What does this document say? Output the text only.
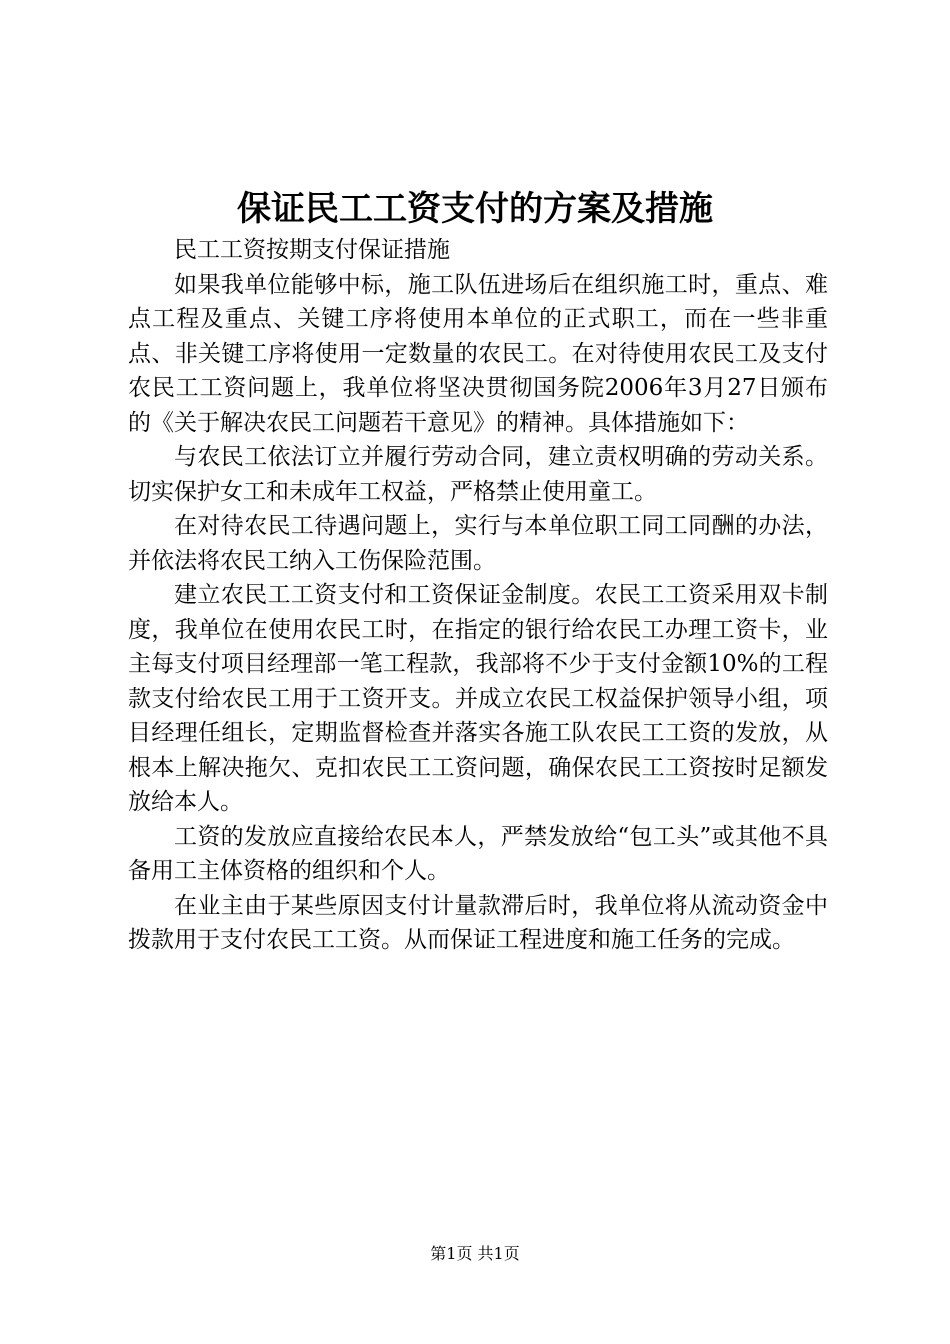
保证民工工资支付的方案及措施

民工工资按期支付保证措施

如果我单位能够中标，施工队伍进场后在组织施工时，重点、难点工程及重点、关键工序将使用本单位的正式职工，而在一些非重点、非关键工序将使用一定数量的农民工。在对待使用农民工及支付农民工工资问题上，我单位将坚决贯彻国务院2006年3月27日颁布的《关于解决农民工问题若干意见》的精神。具体措施如下：

与农民工依法订立并履行劳动合同，建立责权明确的劳动关系。切实保护女工和未成年工权益，严格禁止使用童工。

在对待农民工待遇问题上，实行与本单位职工同工同酬的办法，并依法将农民工纳入工伤保险范围。

建立农民工工资支付和工资保证金制度。农民工工资采用双卡制度，我单位在使用农民工时，在指定的银行给农民工办理工资卡，业主每支付项目经理部一笔工程款，我部将不少于支付金额10%的工程款支付给农民工用于工资开支。并成立农民工权益保护领导小组，项目经理任组长，定期监督检查并落实各施工队农民工工资的发放，从根本上解决拖欠、克扣农民工工资问题，确保农民工工资按时足额发放给本人。

工资的发放应直接给农民本人，严禁发放给“包工头”或其他不具备用工主体资格的组织和个人。

在业主由于某些原因支付计量款滞后时，我单位将从流动资金中拨款用于支付农民工工资。从而保证工程进度和施工任务的完成。

第1页 共1页
